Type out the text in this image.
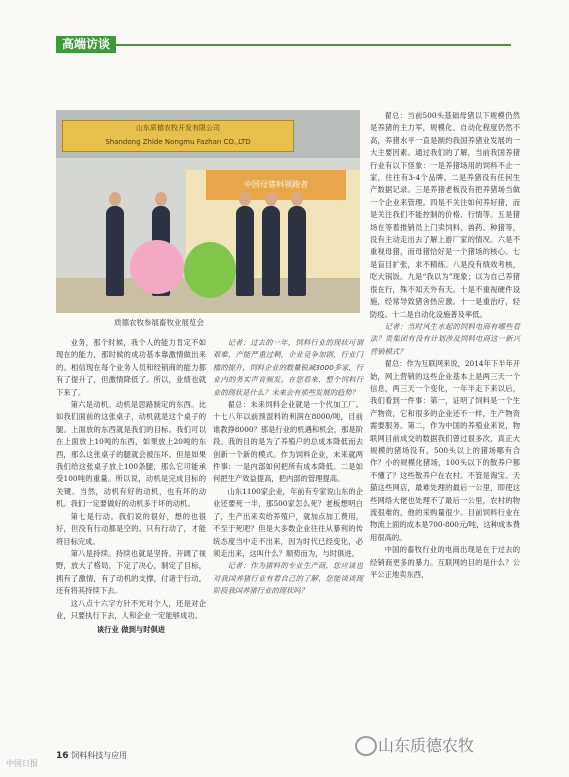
高端访谈
山东质德农牧开发有限公司
Shandong Zhide Nongmu Fazhan CO.,LTD
中国母猪料领跑者
质德农牧参展畜牧业展览会

业务，那个时候，我个人的能力肯定不如现在的能力，那时候的成功基本靠激情做出来的。相信现在每个业务人员和经销商的能力都有了提升了，但激情降低了。所以，业绩也就下来了。

第六是动机。动机是思路制定的东西。比如我们面前的这张桌子，动机就是这个桌子的腿。上面放的东西就是我们的目标。我们可以在上面放上10吨的东西，如果放上20吨的东西，那么这张桌子的腿就会被压坏。但是如果我们给这张桌子放上100条腿，那么它可能承受100吨的重量。所以说，动机是完成目标的关键。当然，动机有好的动机，也有坏的动机。我们一定要做好的动机多于坏的动机。

第七是行动。我们说的很好，想的也很好，但没有行动都是空的。只有行动了，才能将目标完成。

第八是持续。持续也就是坚持。开阔了视野，放大了格局，下定了决心，制定了目标，拥有了激情，有了动机的支撑，付诸于行动，还有将其持续下去。

这八点十六字方针不光对个人，还是对企业，只要执行下去，人和企业一定能够成功。

谈行业 做到与时俱进

记者：过去的一年，饲料行业的现状可谓艰难，产能严重过剩，企业竞争加剧，行业门槛的提升，饲料企业的数量锐减3000多家，行业内的务实声音频发。在您看来，整个饲料行业的现状是什么？未来会有那些发展的趋势？

翟总：未来饲料企业就是一个代加工厂。十七八年以前预混料的利润在8000/吨，目前谁教挣8000？那是行业的机遇和机会，那是阶段。我的目的是为了养殖户的总成本降低而去创新一个新的模式。作为饲料企业，未来就两件事：一是内部如何把所有成本降低。二是如何把生产效益提高，把内部的管理提高。

山东1100家企业，年前有专家说山东的企业还要死一半，那500家怎么死？老板想明白了，生产出来卖给养殖户，就加点加工费用，不至于死吧？但是大多数企业往往从暴利的传统态度当中走不出来，因为时代已经变化，必须走出来，这叫什么？顺势而为，与时俱进。

记者：作为猪料的专业生产商，您应该也对我国养猪行业有着自己的了解，您能谈谈现阶段我国养猪行业的现状吗？

翟总：当前500头基础母猪以下规模仍然是养猪的主力军，规模化、自动化程度仍然不高，养猪水平一直是制约我国养猪业发展的一大主要因素。通过我们的了解，当前我国养猪行业有以下怪象：一是养猪场用的饲料不止一家，往往有3-4个品牌。二是养猪没有任何生产数据记录。三是养猪老板没有把养猪场当做一个企业来管理。四是不关注如何养好猪，而是关注我们不能控制的价格、行情等。五是猪场在等着推销员上门卖饲料、兽药、种猪等，没有主动走出去了解上游厂家的情况。六是不重视母猪，而母猪恰好是一个猪场的核心。七是盲目扩张，求不精练。八是没有绩效考核，吃大锅饭。九是“我以为”现象；以为自己养猪很在行，殊不知天外有天。十是不重视硬件设施，经常导致猪舍热应激。十一是重治疗，轻防疫。十二是自动化设施普及率低。

记者：当时风生水起的饲料电商有哪些看法？贵集团有没有计划涉及饲料电商这一新兴营销模式？

翟总：作为互联网来说，2014年下半年开始，网上营销的这些企业基本上是两三天一个信息，两三天一个变化，一年半走下来以后，我们看到一件事：第一，证明了饲料是一个生产物资，它和很多的企业还不一样，生产物资需要服务。第二，作为中国的养殖业来说，物联网目前成交的数据我们曾过很多次，真正大规模的猪场没有，500头以上的猪场哪有合作？小的规模化猪场，100头以下的散养户都不懂了？这些散养户在农村。不管是淘宝、天猫这些网店，最难处理的最后一公里，即使这些网络大佬也处理不了最后一公里，农村的物流很难的，他的采购量很少。目前饲料行业在物流上面的成本是700-800元/吨，这种成本费用很高的。

中国的畜牧行业的电商出现是在于过去的经销商更多的暴力。互联网的目的是什么？公平公正地卖东西，

16 饲料科技与应用
中国日报
山东质德农牧
